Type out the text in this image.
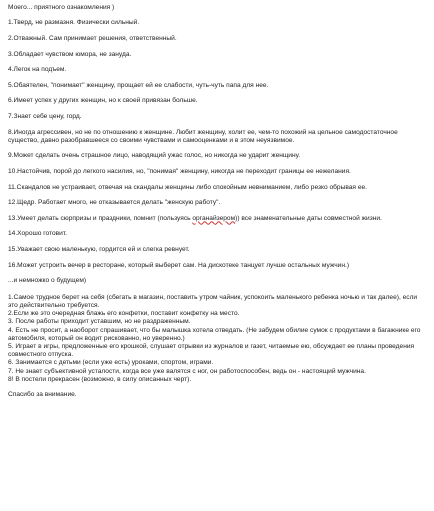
Моего... приятного ознакомления )

1.Тверд, не размазня. Физически сильный.

2.Отважный. Сам принимает решения, ответственный.

3.Обладает чувством юмора, не зануда.

4.Легок на подъем.

5.Обаятелен, "понимает" женщину, прощает ей ее слабости, чуть-чуть папа для нее.

6.Имеет успех у других женщин, но к своей привязан больше.

7.Знает себе цену, горд.

8.Иногда агрессивен, но не по отношению к женщине. Любит женщину, холит ее, чем-то похожий на цельное самодостаточное существо, давно разобравшееся со своими чувствами и самооценками и в этом неуязвимое.

9.Может сделать очень страшное лицо, наводящий ужас голос, но никогда не ударит женщину.

10.Настойчив, порой до легкого насилия, но, "понимая" женщину, никогда не переходит границы ее нежелания.

11.Скандалов не устраивает, отвечая на скандалы женщины либо спокойным невниманием, либо резко обрывая ее.

12.Щедр. Работает много, не отказывается делать "женскую работу".

13.Умеет делать сюрпризы и праздники, помнит (пользуясь органайзером)) все знаменательные даты совместной жизни.

14.Хорошо готовит.

15.Уважает свою маленькую, гордится ей и слегка ревнует.

16.Может устроить вечер в ресторане, который выберет сам. На дискотеке танцует лучше остальных мужчин.)

...и немножко о будущем)

1.Самое трудное берет на себя (сбегать в магазин, поставить утром чайник, успокоить маленького ребенка ночью и так далее), если это действительно требуется.

2.Если же это очередная блажь его конфетки, поставит конфетку на место.

3. После работы приходит уставшим, но не раздраженным.

4. Есть не просит, а наоборот спрашивает, что бы малышка хотела отведать. (Не забудем обилие сумок с продуктами в багажнике его автомобиля, который он водит рискованно, но уверенно.)

5. Играет в игры, предложенные его крошкой, слушает отрывки из журналов и газет, читаемые ею, обсуждает ее планы проведения совместного отпуска.

6. Занимается с детьми (если уже есть) уроками, спортом, играми.

7. Не знает субъективной усталости, когда все уже валятся с ног, он работоспособен, ведь он - настоящий мужчина.

8! В постели прекрасен (возможно, в силу описанных черт).

Спасибо за внимание.
